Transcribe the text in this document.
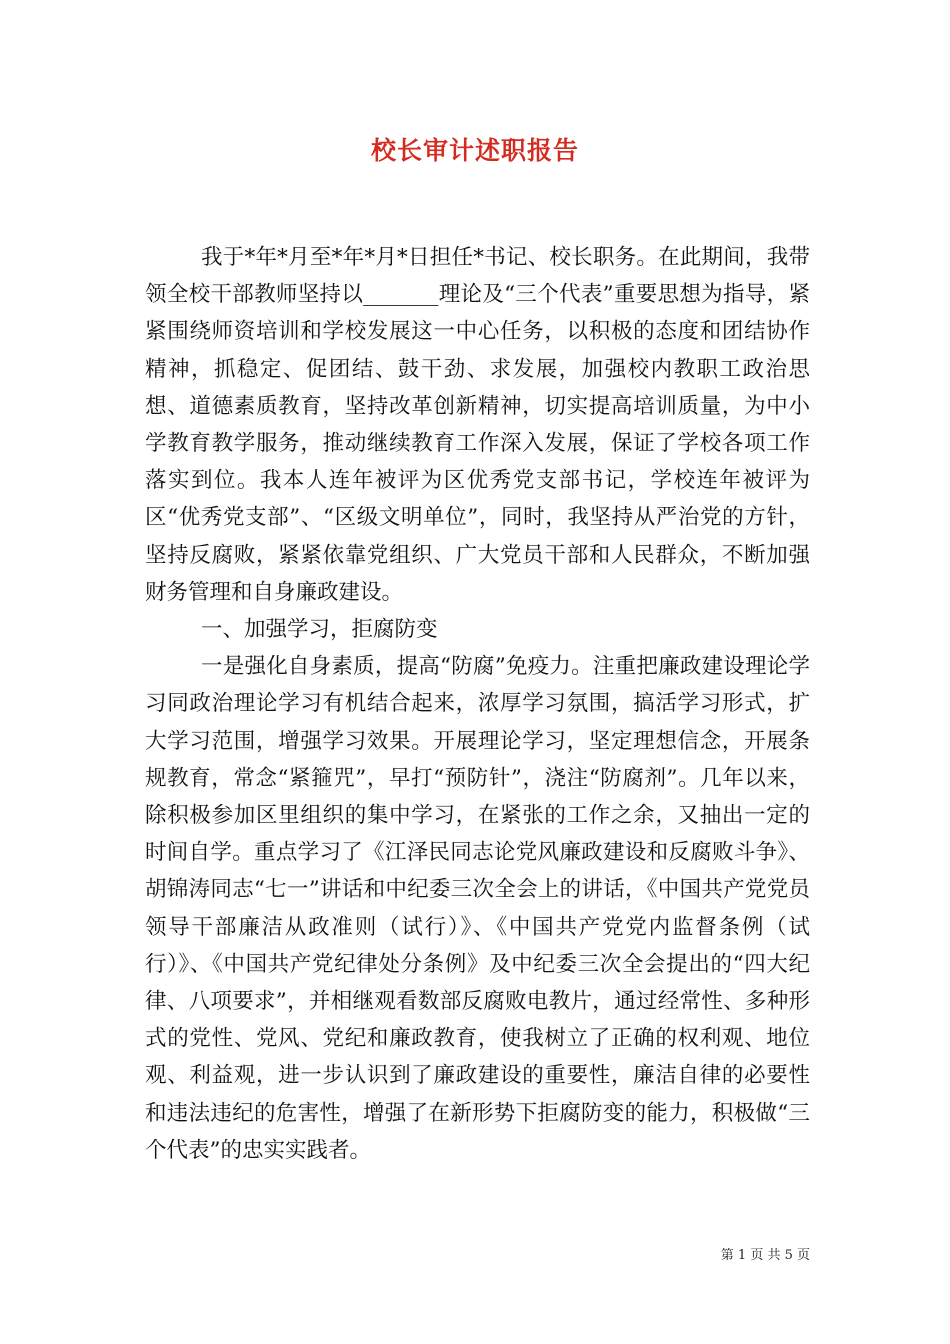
校长审计述职报告

我于*年*月至*年*月*日担任*书记、校长职务。在此期间，我带领全校干部教师坚持以_______理论及“三个代表”重要思想为指导，紧紧围绕师资培训和学校发展这一中心任务，以积极的态度和团结协作精神，抓稳定、促团结、鼓干劲、求发展，加强校内教职工政治思想、道德素质教育，坚持改革创新精神，切实提高培训质量，为中小学教育教学服务，推动继续教育工作深入发展，保证了学校各项工作落实到位。我本人连年被评为区优秀党支部书记，学校连年被评为区“优秀党支部”、“区级文明单位”，同时，我坚持从严治党的方针，坚持反腐败，紧紧依靠党组织、广大党员干部和人民群众，不断加强财务管理和自身廉政建设。

一、加强学习，拒腐防变

一是强化自身素质，提高“防腐”免疫力。注重把廉政建设理论学习同政治理论学习有机结合起来，浓厚学习氛围，搞活学习形式，扩大学习范围，增强学习效果。开展理论学习，坚定理想信念，开展条规教育，常念“紧箍咒”，早打“预防针”，浇注“防腐剂”。几年以来，除积极参加区里组织的集中学习，在紧张的工作之余，又抽出一定的时间自学。重点学习了《江泽民同志论党风廉政建设和反腐败斗争》、胡锦涛同志“七一”讲话和中纪委三次全会上的讲话，《中国共产党党员领导干部廉洁从政准则（试行）》、《中国共产党党内监督条例（试行）》、《中国共产党纪律处分条例》及中纪委三次全会提出的“四大纪律、八项要求”，并相继观看数部反腐败电教片，通过经常性、多种形式的党性、党风、党纪和廉政教育，使我树立了正确的权利观、地位观、利益观，进一步认识到了廉政建设的重要性，廉洁自律的必要性和违法违纪的危害性，增强了在新形势下拒腐防变的能力，积极做“三个代表”的忠实实践者。

第 1 页 共 5 页
